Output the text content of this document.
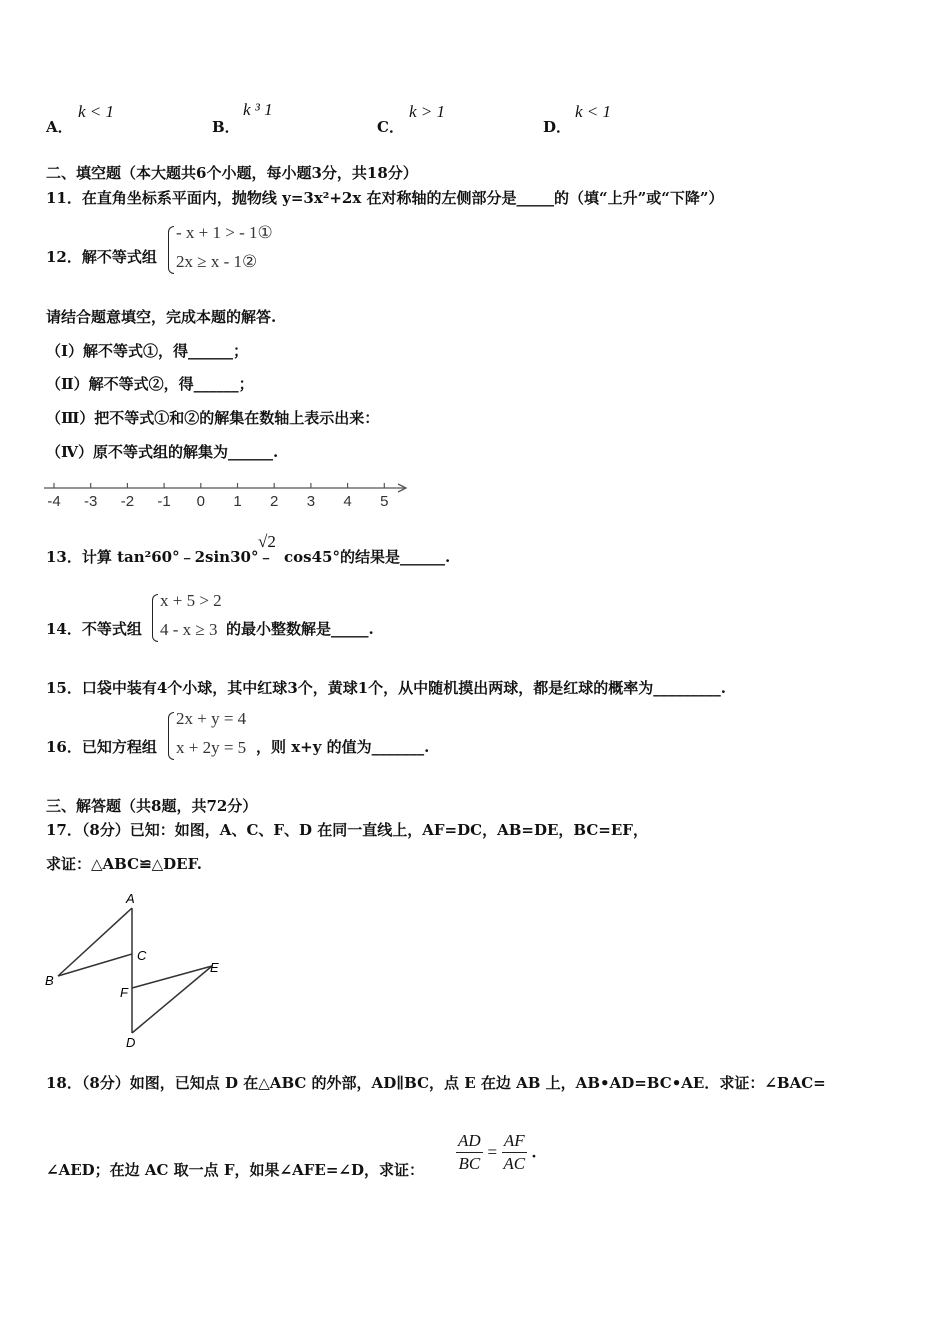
A．
k < 1
B．
k ³ 1
C．
k > 1
D．
k < 1
二、填空题（本大题共6个小题，每小题3分，共18分）
11．在直角坐标系平面内，抛物线 y=3x²+2x 在对称轴的左侧部分是_____的（填“上升”或“下降”）
12．解不等式组
- x + 1 > - 1①
2x ≥ x - 1②
请结合题意填空，完成本题的解答.
（Ⅰ）解不等式①，得______；
（Ⅱ）解不等式②，得______；
（Ⅲ）把不等式①和②的解集在数轴上表示出来：
（Ⅳ）原不等式组的解集为______.
-4 -3 -2 -1 0 1 2 3 4 5
13．计算 tan²60°﹣2sin30°﹣
√2
cos45°的结果是______.
14．不等式组
x + 5 > 2
4 - x ≥ 3 的最小整数解是_____.
15．口袋中装有4个小球，其中红球3个，黄球1个，从中随机摸出两球，都是红球的概率为_________.
16．已知方程组
2x + y = 4
x + 2y = 5 ，则 x+y 的值为_______.
三、解答题（共8题，共72分）
17．（8分）已知：如图，A、C、F、D 在同一直线上，AF=DC，AB=DE，BC=EF，
求证：△ABC≌△DEF.
A
B
C
F
E
D
18．（8分）如图，已知点 D 在△ABC 的外部，AD∥BC，点 E 在边 AB 上，AB•AD=BC•AE．求证：∠BAC=
∠AED；在边 AC 取一点 F，如果∠AFE=∠D，求证： $\frac{AD}{BC} = \frac{AF}{AC}$ .
